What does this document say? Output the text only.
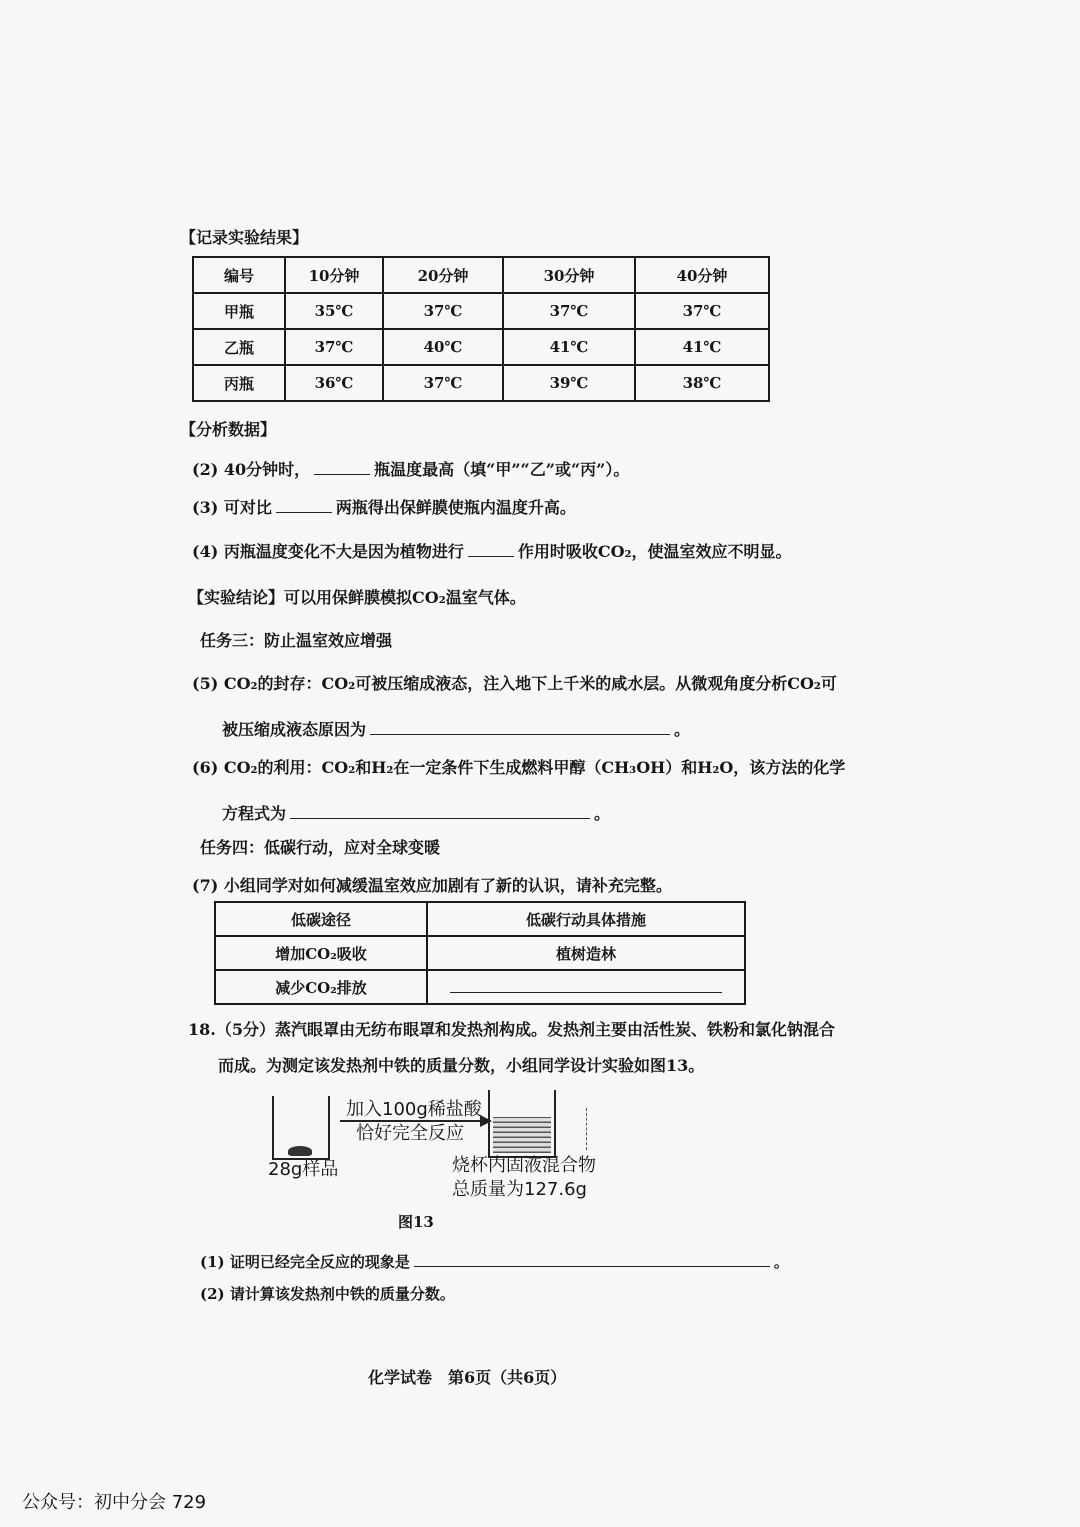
【记录实验结果】
编号	10分钟	20分钟	30分钟	40分钟
甲瓶	35℃	37℃	37℃	37℃
乙瓶	37℃	40℃	41℃	41℃
丙瓶	36℃	37℃	39℃	38℃
【分析数据】
(2) 40分钟时，	瓶温度最高（填“甲”“乙”或“丙”）。
(3) 可对比	两瓶得出保鲜膜使瓶内温度升高。
(4) 丙瓶温度变化不大是因为植物进行	作用时吸收CO₂，使温室效应不明显。
【实验结论】可以用保鲜膜模拟CO₂温室气体。
任务三：防止温室效应增强
(5) CO₂的封存：CO₂可被压缩成液态，注入地下上千米的咸水层。从微观角度分析CO₂可
被压缩成液态原因为	。
(6) CO₂的利用：CO₂和H₂在一定条件下生成燃料甲醇（CH₃OH）和H₂O，该方法的化学
方程式为	。
任务四：低碳行动，应对全球变暖
(7) 小组同学对如何减缓温室效应加剧有了新的认识，请补充完整。
低碳途径	低碳行动具体措施
增加CO₂吸收	植树造林
减少CO₂排放	
18.（5分）蒸汽眼罩由无纺布眼罩和发热剂构成。发热剂主要由活性炭、铁粉和氯化钠混合
而成。为测定该发热剂中铁的质量分数，小组同学设计实验如图13。
加入100g稀盐酸
恰好完全反应
28g样品	烧杯内固液混合物
总质量为127.6g
图13
(1) 证明已经完全反应的现象是	。
(2) 请计算该发热剂中铁的质量分数。
化学试卷　第6页（共6页）
公众号：初中分会 729
